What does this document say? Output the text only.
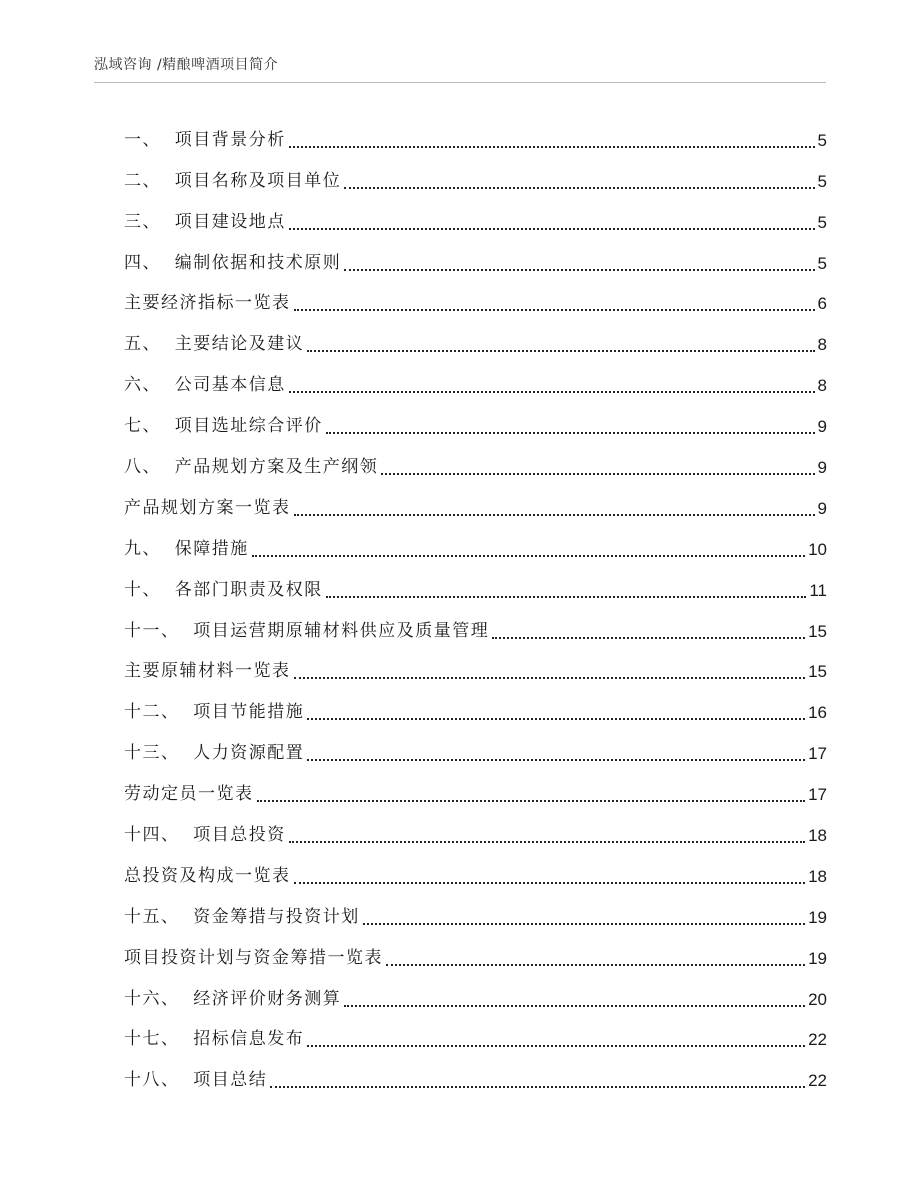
泓域咨询 /精酿啤酒项目简介
一、  项目背景分析	5
二、  项目名称及项目单位	5
三、  项目建设地点	5
四、  编制依据和技术原则	5
主要经济指标一览表	6
五、  主要结论及建议	8
六、  公司基本信息	8
七、  项目选址综合评价	9
八、  产品规划方案及生产纲领	9
产品规划方案一览表	9
九、  保障措施	10
十、  各部门职责及权限	11
十一、  项目运营期原辅材料供应及质量管理	15
主要原辅材料一览表	15
十二、  项目节能措施	16
十三、  人力资源配置	17
劳动定员一览表	17
十四、  项目总投资	18
总投资及构成一览表	18
十五、  资金筹措与投资计划	19
项目投资计划与资金筹措一览表	19
十六、  经济评价财务测算	20
十七、  招标信息发布	22
十八、  项目总结	22
